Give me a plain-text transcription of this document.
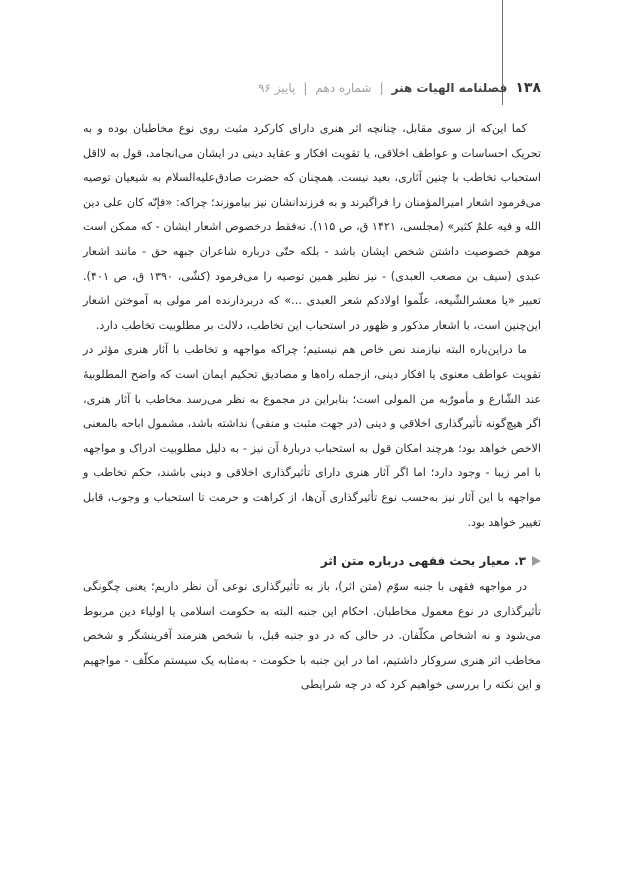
۱۳۸
فصلنامه الهیات هنر
|
شماره دهم
|
پاییز ۹۶

کما این‌که از سوی مقابل، چنانچه اثر هنری دارای کارکرد مثبت روی نوع مخاطبان بوده و به تحریک احساسات و عواطف اخلاقی، یا تقویت افکار و عقاید دینی در ایشان می‌انجامد، قول به لااقل استحباب تخاطب با چنین آثاری، بعید نیست. همچنان که حضرت صادق‌علیه‌السلام به شیعیان توصیه می‌فرمود اشعار امیرالمؤمنان را فراگیرند و به فرزندانشان نیز بیاموزند؛ چراکه: «فإنّه کان علی دین الله و فیه علمٌ کثیر» (مجلسی، ۱۴۲۱ ق، ص ۱۱۵). نه‌فقط درخصوص اشعار ایشان - که ممکن است موهم خصوصیت داشتن شخص ایشان باشد - بلکه حتّی درباره شاعران جبهه حق - مانند اشعار عبدی (سیف بن مصعب العبدی) - نیز نظیر همین توصیه را می‌فرمود (کشّی، ۱۳۹۰ ق، ص ۴۰۱). تعبیر «یا معشرالشّیعه، علّموا اولادکم شعر العبدی ...» که دربردارنده امر مولی به آموختن اشعار این‌چنین است، با اشعار مذکور و ظهور در استحباب این تخاطب، دلالت بر مطلوبیت تخاطب دارد.

ما دراین‌باره البته نیازمند نص خاص هم نیستیم؛ چراکه مواجهه و تخاطب با آثار هنری مؤثر در تقویت عواطف معنوی یا افکار دینی، ازجمله راه‌ها و مصادیق تحکیم ایمان است که واضح المطلوبیهٔ عند الشّارع و مأمورٌبه من المولی است؛ بنابراین در مجموع به نظر می‌رسد مخاطب با آثار هنری، اگر هیچ‌گونه تأثیرگذاری اخلاقی و دینی (در جهت مثبت و منفی) نداشته باشد، مشمول اباحه بالمعنی الاخص خواهد بود؛ هرچند امکان قول به استحباب دربارهٔ آن نیز - به دلیل مطلوبیت ادراک و مواجهه با امر زیبا - وجود دارد؛ اما اگر آثار هنری دارای تأثیرگذاری اخلاقی و دینی باشند، حکم تخاطب و مواجهه با این آثار نیز به‌حسب نوع تأثیرگذاری آن‌ها، از کراهت و حرمت تا استحباب و وجوب، قابل تغییر خواهد بود.

۳. معیار بحث فقهی درباره متن اثر

در مواجهه فقهی با جنبه سوّم (متن اثر)، باز به تأثیرگذاری نوعی آن نظر داریم؛ یعنی چگونگی تأثیرگذاری در نوع معمول مخاطبان. احکام این جنبه البته به حکومت اسلامی یا اولیاء دین مربوط می‌شود و نه اشخاص مکلّفان. در حالی که در دو جنبه قبل، با شخص هنرمند آفرینشگر و شخص مخاطب اثر هنری سروکار داشتیم، اما در این جنبه با حکومت - به‌مثابه یک سیستم مکلّف - مواجهیم و این نکته را بررسی خواهیم کرد که در چه شرایطی
